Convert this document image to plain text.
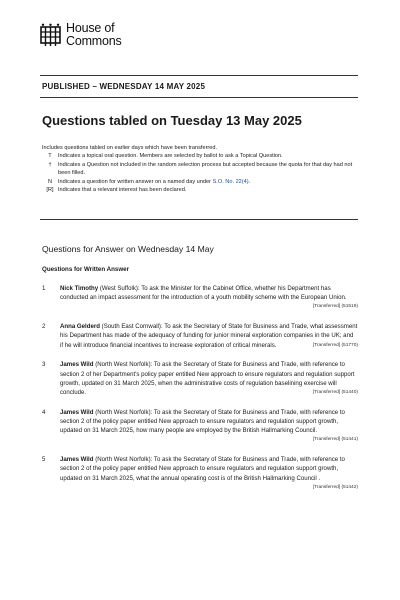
House of
Commons
PUBLISHED – WEDNESDAY 14 MAY 2025
Questions tabled on Tuesday 13 May 2025
Includes questions tabled on earlier days which have been transferred.
T	Indicates a topical oral question. Members are selected by ballot to ask a Topical Question.
†	Indicates a Question not included in the random selection process but accepted because the quota for that day had not been filled.
N	Indicates a question for written answer on a named day under S.O. No. 22(4).
[R] Indicates that a relevant interest has been declared.
Questions for Answer on Wednesday 14 May
Questions for Written Answer
1	Nick Timothy (West Suffolk): To ask the Minister for the Cabinet Office, whether his Department has conducted an impact assessment for the introduction of a youth mobility scheme with the European Union.
[Transferred] (51519)
2	Anna Gelderd (South East Cornwall): To ask the Secretary of State for Business and Trade, what assessment his Department has made of the adequacy of funding for junior mineral exploration companies in the UK; and if he will introduce financial incentives to increase exploration of critical minerals.	[Transferred] (51770)
3	James Wild (North West Norfolk): To ask the Secretary of State for Business and Trade, with reference to section 2 of her Department's policy paper entitled New approach to ensure regulators and regulation support growth, updated on 31 March 2025, when the administrative costs of regulation baselining exercise will conclude.	[Transferred] (51440)
4	James Wild (North West Norfolk): To ask the Secretary of State for Business and Trade, with reference to section 2 of the policy paper entitled New approach to ensure regulators and regulation support growth, updated on 31 March 2025, how many people are employed by the British Hallmarking Council.
[Transferred] (51441)
5	James Wild (North West Norfolk): To ask the Secretary of State for Business and Trade, with reference to section 2 of the policy paper entitled New approach to ensure regulators and regulation support growth, updated on 31 March 2025, what the annual operating cost is of the British Hallmarking Council .
[Transferred] (51442)
